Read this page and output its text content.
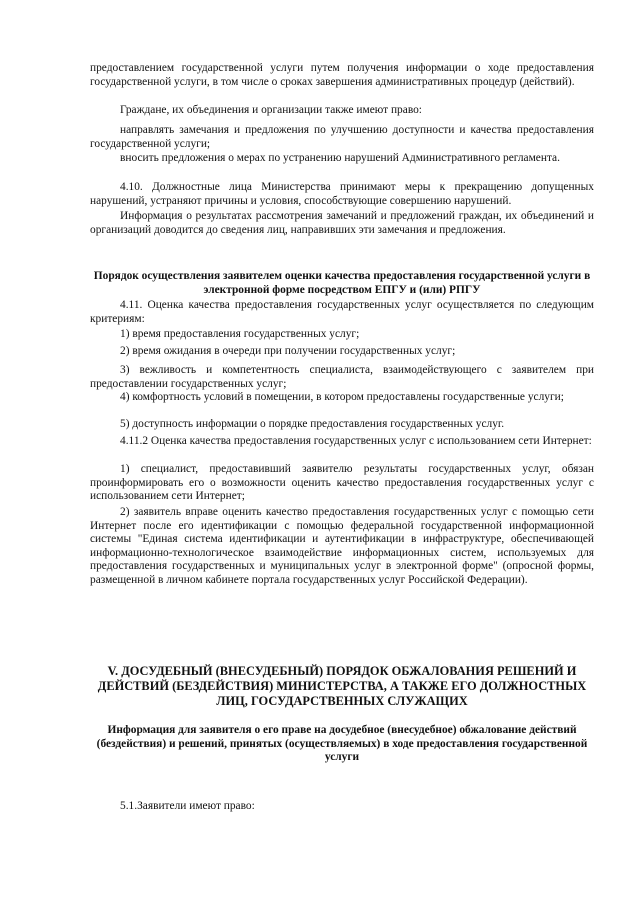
предоставлением государственной услуги путем получения информации о ходе предоставления государственной услуги, в том числе о сроках завершения административных процедур (действий).

Граждане, их объединения и организации также имеют право:

направлять замечания и предложения по улучшению доступности и качества предоставления государственной услуги;

вносить предложения о мерах по устранению нарушений Административного регламента.

4.10. Должностные лица Министерства принимают меры к прекращению допущенных нарушений, устраняют причины и условия, способствующие совершению нарушений.

Информация о результатах рассмотрения замечаний и предложений граждан, их объединений и организаций доводится до сведения лиц, направивших эти замечания и предложения.

Порядок осуществления заявителем оценки качества предоставления государственной услуги в электронной форме посредством ЕПГУ и (или) РПГУ

4.11. Оценка качества предоставления государственных услуг осуществляется по следующим критериям:

1) время предоставления государственных услуг;

2) время ожидания в очереди при получении государственных услуг;

3) вежливость и компетентность специалиста, взаимодействующего с заявителем при предоставлении государственных услуг;

4) комфортность условий в помещении, в котором предоставлены государственные услуги;

5) доступность информации о порядке предоставления государственных услуг.

4.11.2 Оценка качества предоставления государственных услуг с использованием сети Интернет:

1) специалист, предоставивший заявителю результаты государственных услуг, обязан проинформировать его о возможности оценить качество предоставления государственных услуг с использованием сети Интернет;

2) заявитель вправе оценить качество предоставления государственных услуг с помощью сети Интернет после его идентификации с помощью федеральной государственной информационной системы "Единая система идентификации и аутентификации в инфраструктуре, обеспечивающей информационно-технологическое взаимодействие информационных систем, используемых для предоставления государственных и муниципальных услуг в электронной форме" (опросной формы, размещенной в личном кабинете портала государственных услуг Российской Федерации).

V. ДОСУДЕБНЫЙ (ВНЕСУДЕБНЫЙ) ПОРЯДОК ОБЖАЛОВАНИЯ РЕШЕНИЙ И ДЕЙСТВИЙ (БЕЗДЕЙСТВИЯ) МИНИСТЕРСТВА, А ТАКЖЕ ЕГО ДОЛЖНОСТНЫХ ЛИЦ, ГОСУДАРСТВЕННЫХ СЛУЖАЩИХ

Информация для заявителя о его праве на досудебное (внесудебное) обжалование действий (бездействия) и решений, принятых (осуществляемых) в ходе предоставления государственной услуги

5.1.Заявители имеют право:
